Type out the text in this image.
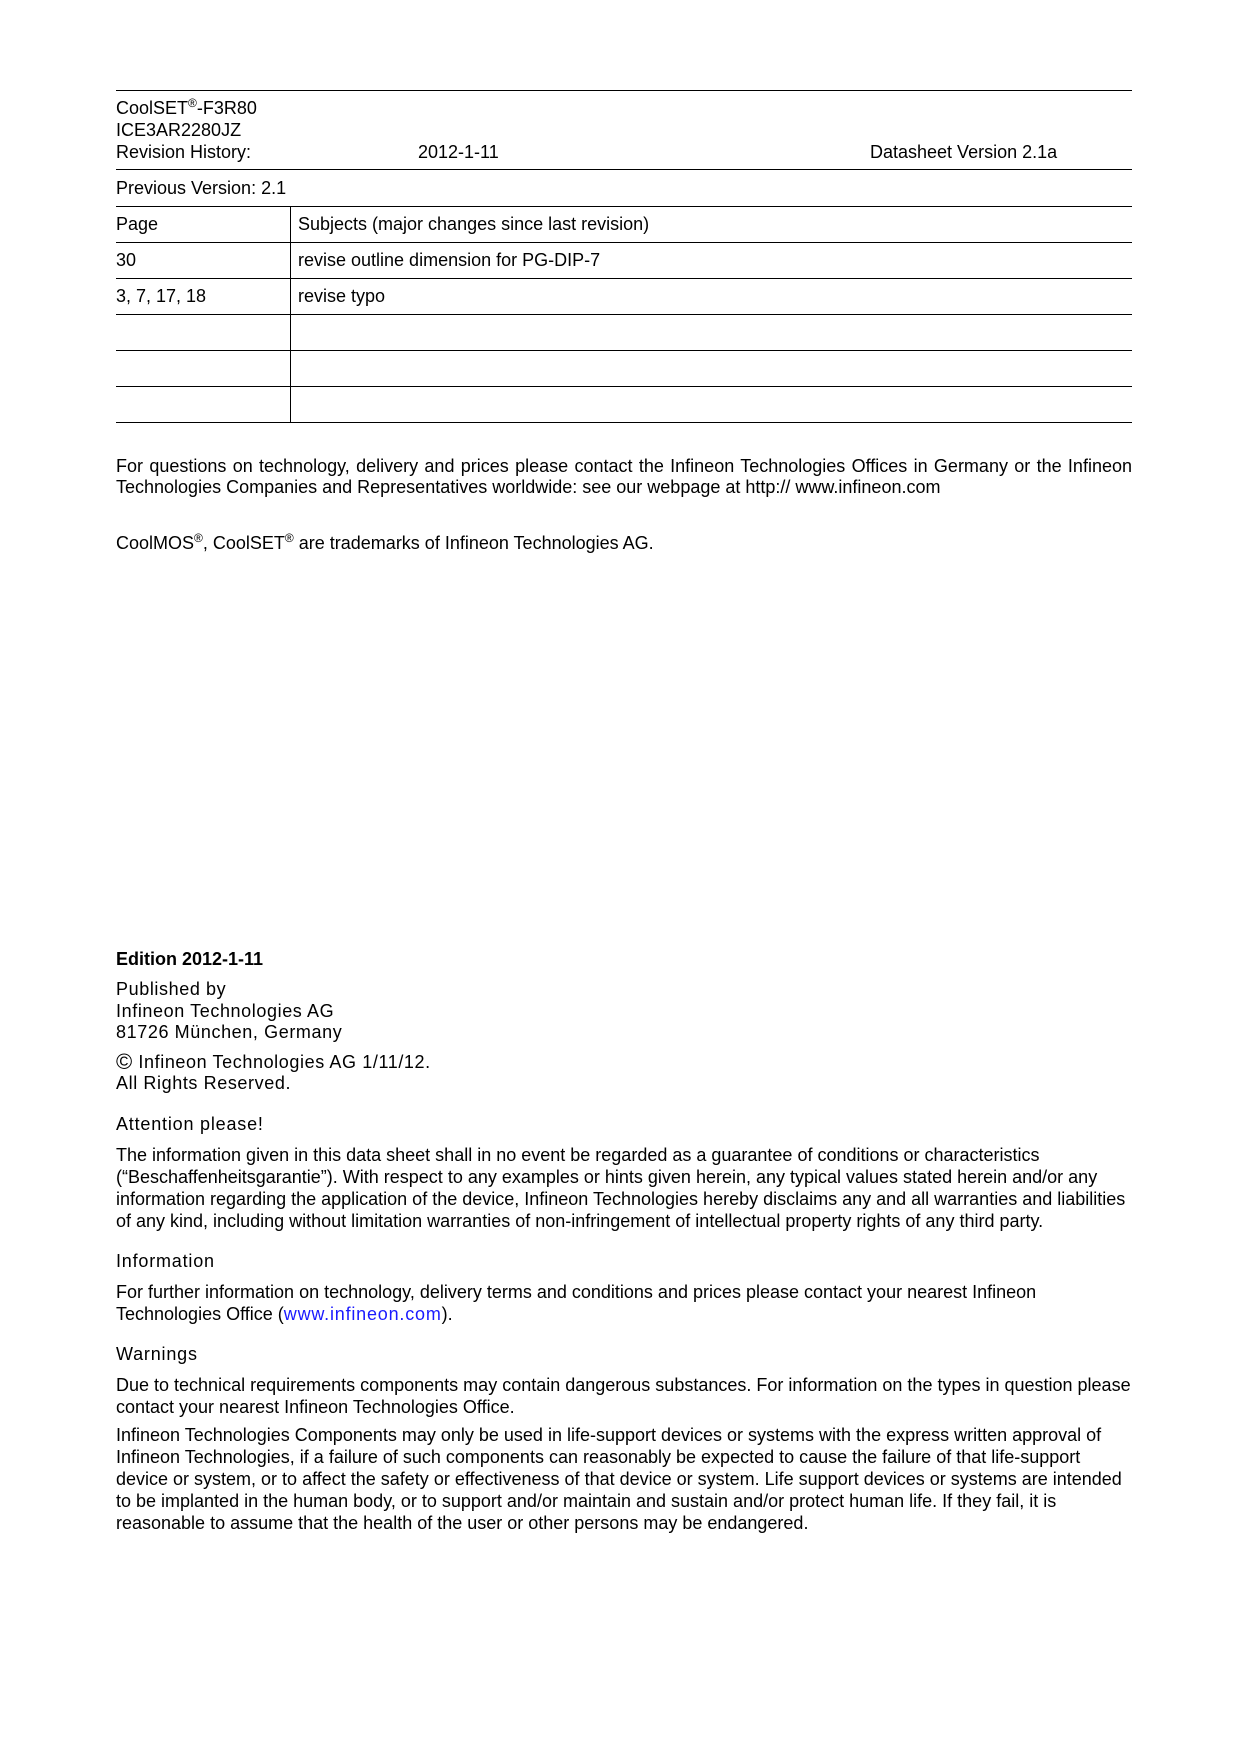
CoolSET®-F3R80
ICE3AR2280JZ
Revision History:	2012-1-11	Datasheet Version 2.1a
Previous Version: 2.1
Page	Subjects (major changes since last revision)
30	revise outline dimension for PG-DIP-7
3, 7, 17, 18	revise typo

For questions on technology, delivery and prices please contact the Infineon Technologies Offices in Germany or the Infineon Technologies Companies and Representatives worldwide: see our webpage at http:// www.infineon.com

CoolMOS®, CoolSET® are trademarks of Infineon Technologies AG.

Edition 2012-1-11
Published by
Infineon Technologies AG
81726 München, Germany
© Infineon Technologies AG 1/11/12.
All Rights Reserved.
Attention please!

The information given in this data sheet shall in no event be regarded as a guarantee of conditions or characteristics (“Beschaffenheitsgarantie”). With respect to any examples or hints given herein, any typical values stated herein and/or any information regarding the application of the device, Infineon Technologies hereby disclaims any and all warranties and liabilities of any kind, including without limitation warranties of non-infringement of intellectual property rights of any third party.

Information

For further information on technology, delivery terms and conditions and prices please contact your nearest Infineon Technologies Office (www.infineon.com).

Warnings

Due to technical requirements components may contain dangerous substances. For information on the types in question please contact your nearest Infineon Technologies Office.

Infineon Technologies Components may only be used in life-support devices or systems with the express written approval of Infineon Technologies, if a failure of such components can reasonably be expected to cause the failure of that life-support device or system, or to affect the safety or effectiveness of that device or system. Life support devices or systems are intended to be implanted in the human body, or to support and/or maintain and sustain and/or protect human life. If they fail, it is reasonable to assume that the health of the user or other persons may be endangered.
